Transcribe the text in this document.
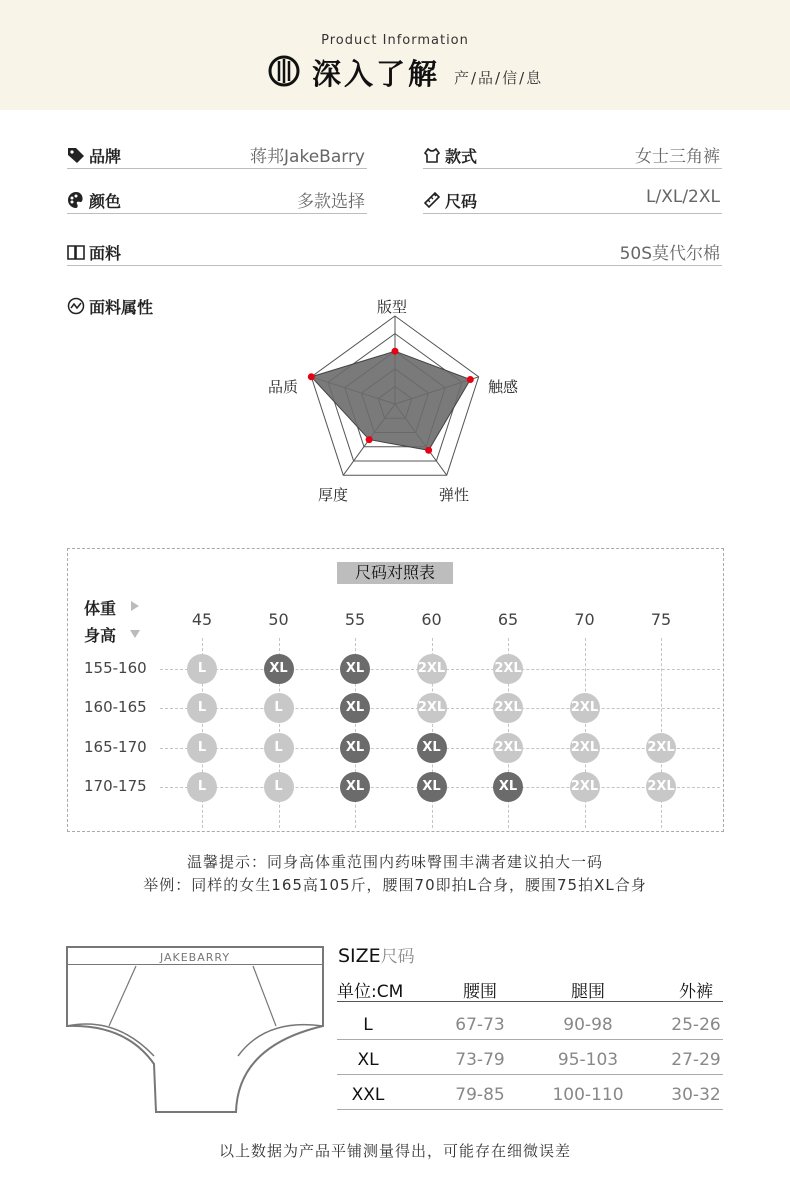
Product Information
深入了解 产/品/信/息
品牌	蒋邦JakeBarry	款式	女士三角裤
颜色	多款选择	尺码	L/XL/2XL
面料	50S莫代尔棉
面料属性	版型
触感
弹性
厚度
品质
尺码对照表
体重
身高
45	50	55	60	65	70	75
155-160	L	XL	XL	2XL	2XL
160-165	L	L	XL	2XL	2XL	2XL
165-170	L	L	XL	XL	2XL	2XL	2XL
170-175	L	L	XL	XL	XL	2XL	2XL
温馨提示：同身高体重范围内药味臀围丰满者建议拍大一码
举例：同样的女生165高105斤，腰围70即拍L合身，腰围75拍XL合身
JAKEBARRY	SIZE尺码
单位:CM	腰围	腿围	外裤
L	67-73	90-98	25-26
XL	73-79	95-103	27-29
XXL	79-85	100-110	30-32
以上数据为产品平铺测量得出，可能存在细微误差
